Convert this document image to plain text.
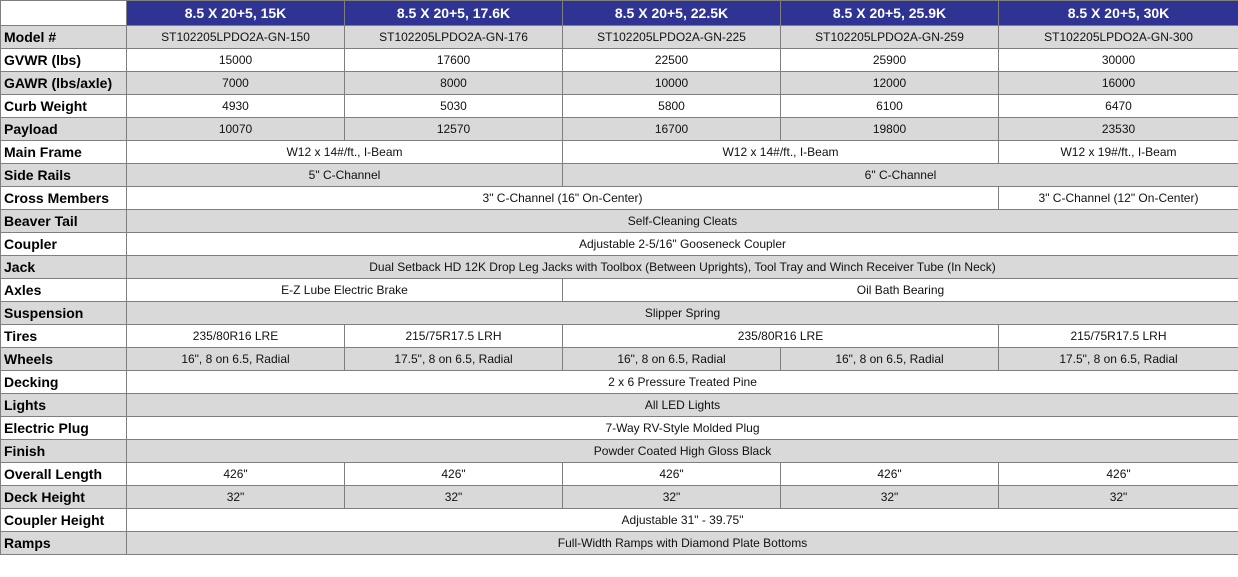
	8.5 X 20+5, 15K	8.5 X 20+5, 17.6K	8.5 X 20+5, 22.5K	8.5 X 20+5, 25.9K	8.5 X 20+5, 30K
Model #	ST102205LPDO2A-GN-150	ST102205LPDO2A-GN-176	ST102205LPDO2A-GN-225	ST102205LPDO2A-GN-259	ST102205LPDO2A-GN-300
GVWR (lbs)	15000	17600	22500	25900	30000
GAWR (lbs/axle)	7000	8000	10000	12000	16000
Curb Weight	4930	5030	5800	6100	6470
Payload	10070	12570	16700	19800	23530
Main Frame	W12 x 14#/ft., I-Beam		W12 x 14#/ft., I-Beam		W12 x 19#/ft., I-Beam
Side Rails	5" C-Channel		6" C-Channel		
Cross Members	3" C-Channel (16" On-Center)				3" C-Channel (12" On-Center)
Beaver Tail	Self-Cleaning Cleats				
Coupler	Adjustable 2-5/16" Gooseneck Coupler				
Jack	Dual Setback HD 12K Drop Leg Jacks with Toolbox (Between Uprights), Tool Tray and Winch Receiver Tube (In Neck)				
Axles	E-Z Lube Electric Brake		Oil Bath Bearing		
Suspension	Slipper Spring				
Tires	235/80R16 LRE	215/75R17.5 LRH	235/80R16 LRE		215/75R17.5 LRH
Wheels	16", 8 on 6.5, Radial	17.5", 8 on 6.5, Radial	16", 8 on 6.5, Radial	16", 8 on 6.5, Radial	17.5", 8 on 6.5, Radial
Decking	2 x 6 Pressure Treated Pine				
Lights	All LED Lights				
Electric Plug	7-Way RV-Style Molded Plug				
Finish	Powder Coated High Gloss Black				
Overall Length	426"	426"	426"	426"	426"
Deck Height	32"	32"	32"	32"	32"
Coupler Height	Adjustable 31" - 39.75"				
Ramps	Full-Width Ramps with Diamond Plate Bottoms				
